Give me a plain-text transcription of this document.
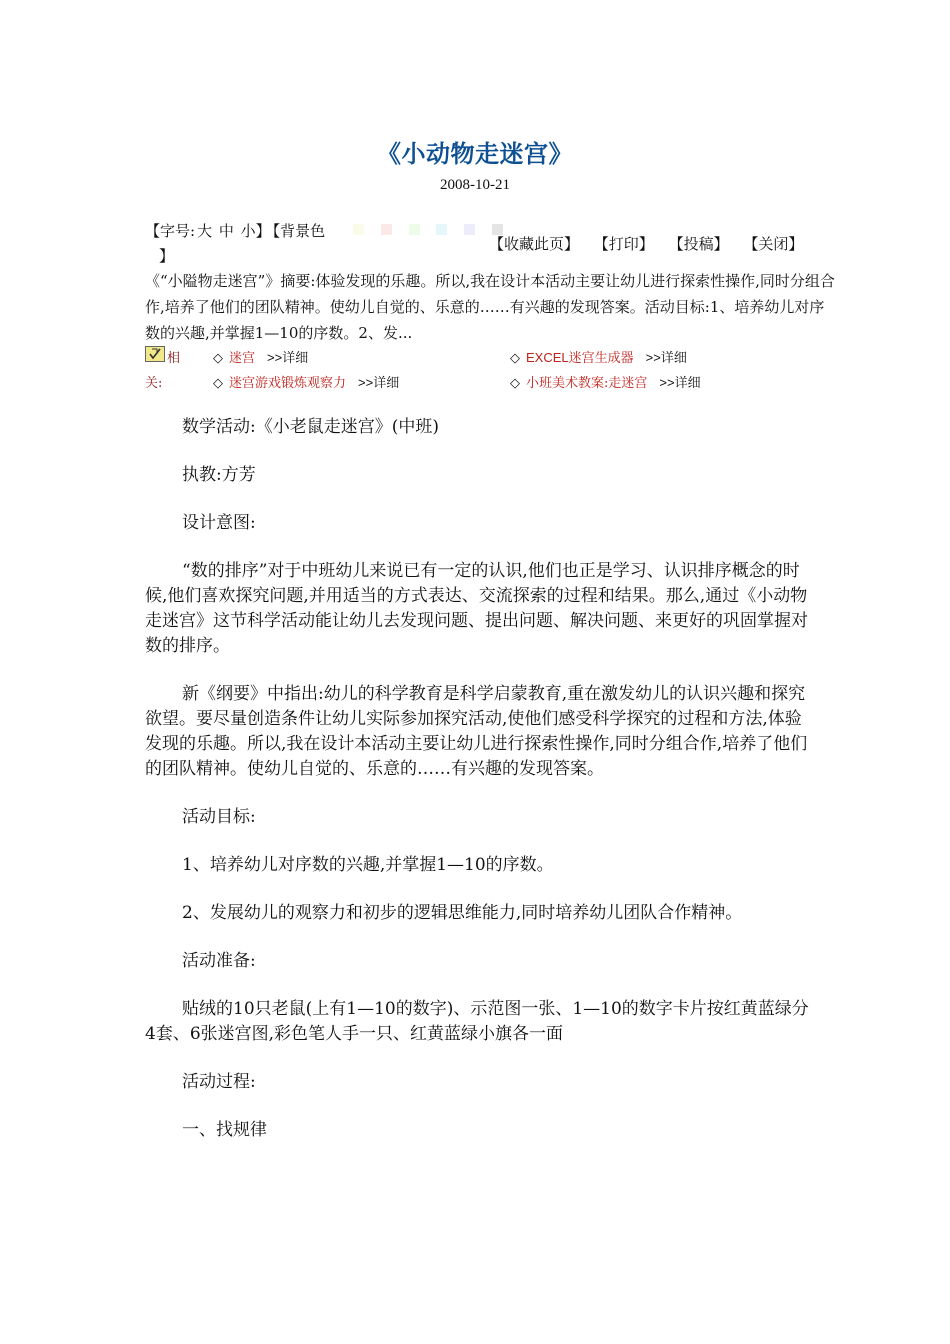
《小动物走迷宫》
2008-10-21
【字号: 大 中 小】 【背景色

】
【收藏此页】 【打印】 【投稿】 【关闭】

《“小隘物走迷宫”》摘要:体验发现的乐趣。所以,我在设计本活动主要让幼儿进行探索性操作,同时分组合作,培养了他们的团队精神。使幼儿自觉的、乐意的……有兴趣的发现答案。活动目标:1、培养幼儿对序数的兴趣,并掌握1—10的序数。2、发...

相
关:
◇ 迷宫 >>详细	◇ EXCEL迷宫生成器 >>详细
◇ 迷宫游戏锻炼观察力 >>详细	◇ 小班美术教案:走迷宫 >>详细

数学活动:《小老鼠走迷宫》(中班)

执教:方芳

设计意图:

“数的排序”对于中班幼儿来说已有一定的认识,他们也正是学习、认识排序概念的时候,他们喜欢探究问题,并用适当的方式表达、交流探索的过程和结果。那么,通过《小动物走迷宫》这节科学活动能让幼儿去发现问题、提出问题、解决问题、来更好的巩固掌握对数的排序。

新《纲要》中指出:幼儿的科学教育是科学启蒙教育,重在激发幼儿的认识兴趣和探究欲望。要尽量创造条件让幼儿实际参加探究活动,使他们感受科学探究的过程和方法,体验发现的乐趣。所以,我在设计本活动主要让幼儿进行探索性操作,同时分组合作,培养了他们的团队精神。使幼儿自觉的、乐意的……有兴趣的发现答案。

活动目标:

1、培养幼儿对序数的兴趣,并掌握1—10的序数。

2、发展幼儿的观察力和初步的逻辑思维能力,同时培养幼儿团队合作精神。

活动准备:

贴绒的10只老鼠(上有1—10的数字)、示范图一张、1—10的数字卡片按红黄蓝绿分4套、6张迷宫图,彩色笔人手一只、红黄蓝绿小旗各一面

活动过程:

一、找规律
